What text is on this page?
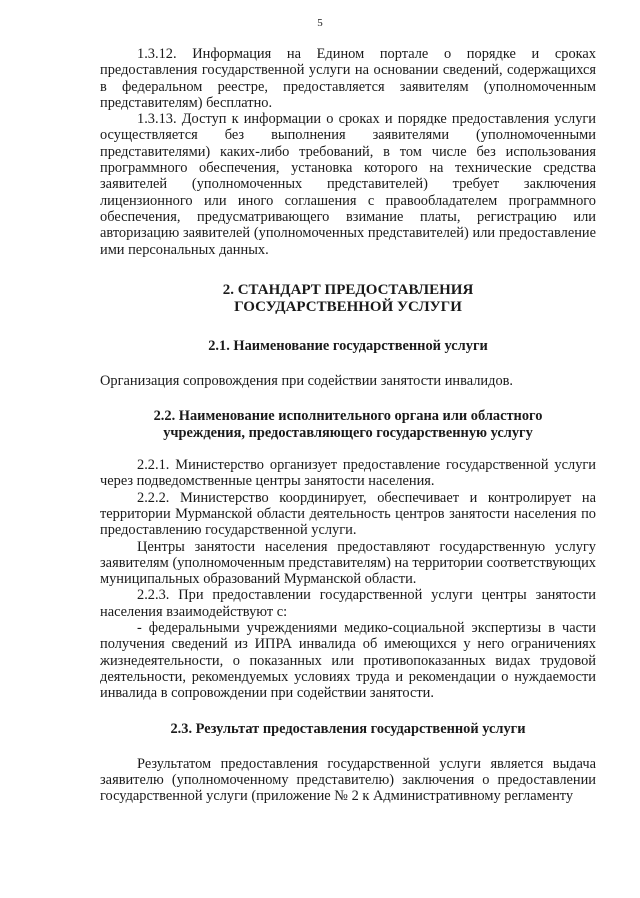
5

1.3.12. Информация на Едином портале о порядке и сроках предоставления государственной услуги на основании сведений, содержащихся в федеральном реестре, предоставляется заявителям (уполномоченным представителям) бесплатно.

1.3.13. Доступ к информации о сроках и порядке предоставления услуги осуществляется без выполнения заявителями (уполномоченными представителями) каких-либо требований, в том числе без использования программного обеспечения, установка которого на технические средства заявителей (уполномоченных представителей) требует заключения лицензионного или иного соглашения с правообладателем программного обеспечения, предусматривающего взимание платы, регистрацию или авторизацию заявителей (уполномоченных представителей) или предоставление ими персональных данных.

2. СТАНДАРТ ПРЕДОСТАВЛЕНИЯ
ГОСУДАРСТВЕННОЙ УСЛУГИ
2.1. Наименование государственной услуги

Организация сопровождения при содействии занятости инвалидов.

2.2. Наименование исполнительного органа или областного
учреждения, предоставляющего государственную услугу

2.2.1. Министерство организует предоставление государственной услуги через подведомственные центры занятости населения.

2.2.2. Министерство координирует, обеспечивает и контролирует на территории Мурманской области деятельность центров занятости населения по предоставлению государственной услуги.

Центры занятости населения предоставляют государственную услугу заявителям (уполномоченным представителям) на территории соответствующих муниципальных образований Мурманской области.

2.2.3. При предоставлении государственной услуги центры занятости населения взаимодействуют с:

- федеральными учреждениями медико-социальной экспертизы в части получения сведений из ИПРА инвалида об имеющихся у него ограничениях жизнедеятельности, о показанных или противопоказанных видах трудовой деятельности, рекомендуемых условиях труда и рекомендации о нуждаемости инвалида в сопровождении при содействии занятости.

2.3. Результат предоставления государственной услуги

Результатом предоставления государственной услуги является выдача заявителю (уполномоченному представителю) заключения о предоставлении государственной услуги (приложение № 2 к Административному регламенту
